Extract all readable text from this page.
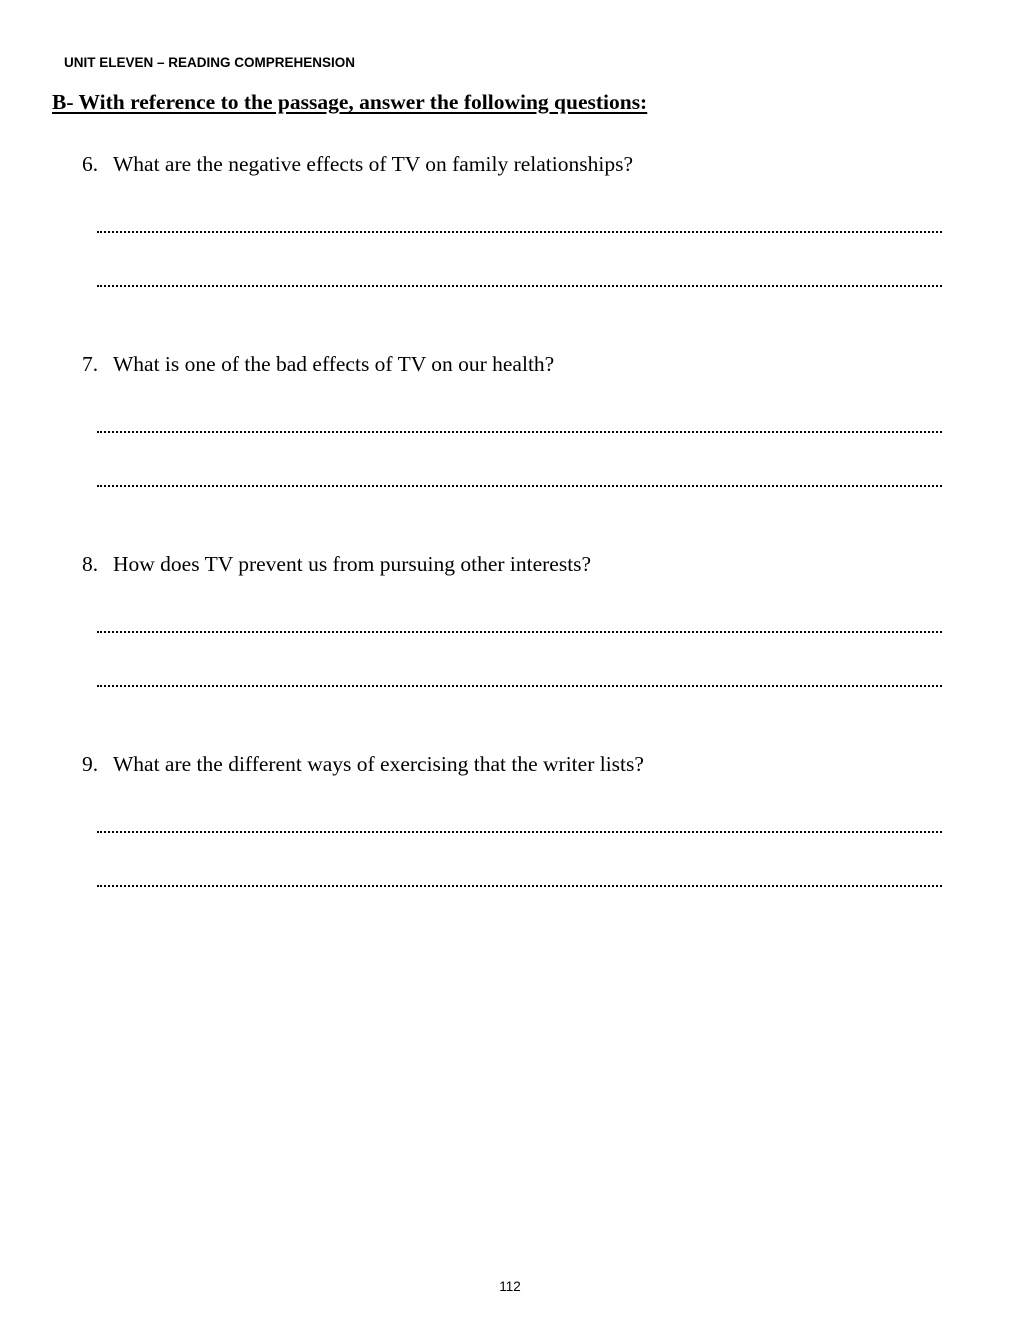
UNIT ELEVEN – READING COMPREHENSION
B- With reference to the passage, answer the following questions:
6. What are the negative effects of TV on family relationships?
7. What is one of the bad effects of TV on our health?
8. How does TV prevent us from pursuing other interests?
9. What are the different ways of exercising that the writer lists?
112
